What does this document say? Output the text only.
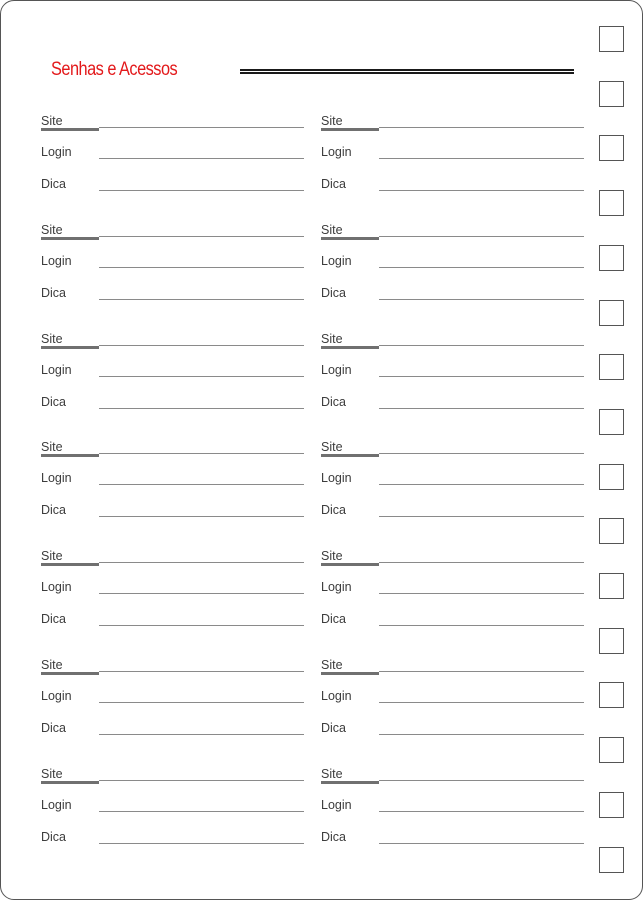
Senhas e Acessos
Site
Login
Dica
Site
Login
Dica
Site
Login
Dica
Site
Login
Dica
Site
Login
Dica
Site
Login
Dica
Site
Login
Dica
Site
Login
Dica
Site
Login
Dica
Site
Login
Dica
Site
Login
Dica
Site
Login
Dica
Site
Login
Dica
Site
Login
Dica
